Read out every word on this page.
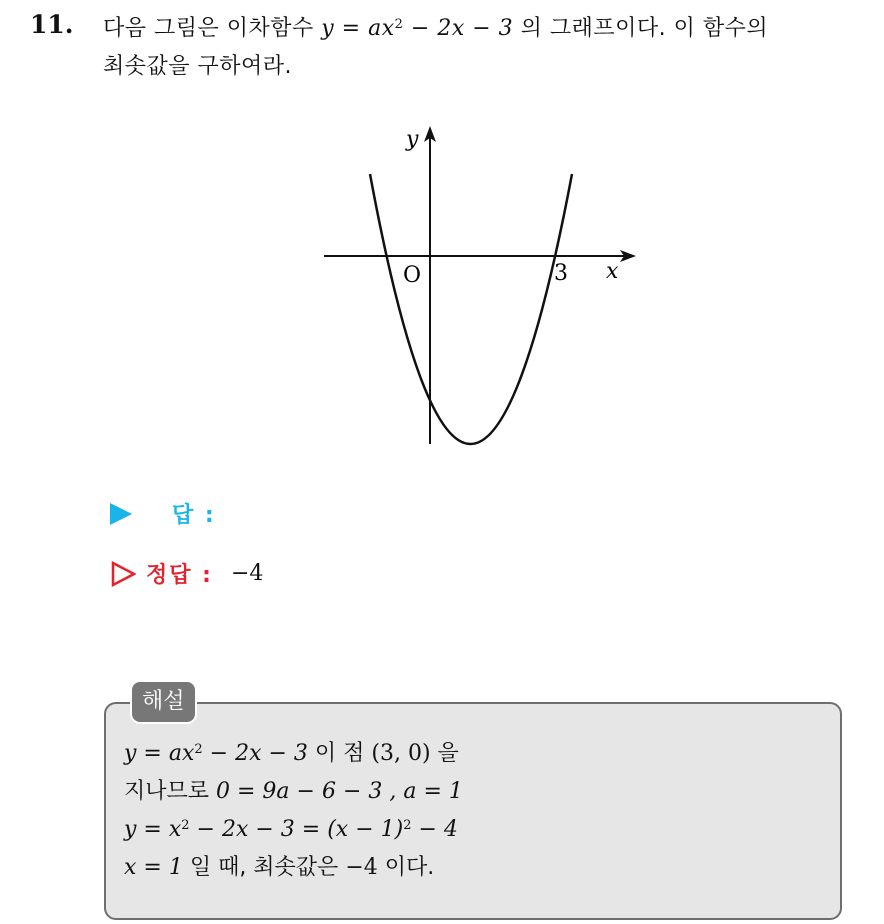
11. 다음 그림은 이차함수 $y = ax^2 - 2x - 3$ 의 그래프이다. 이 함수의
최솟값을 구하여라.
y
x
O	3
답 :
정답 : −4
해설
$y = ax^2 - 2x - 3$ 이 점 (3, 0) 을
지나므로 0 = 9a − 6 − 3 , a = 1
$y = x^2 - 2x - 3 = (x - 1)^2 - 4$
x = 1 일 때, 최솟값은 −4 이다.
